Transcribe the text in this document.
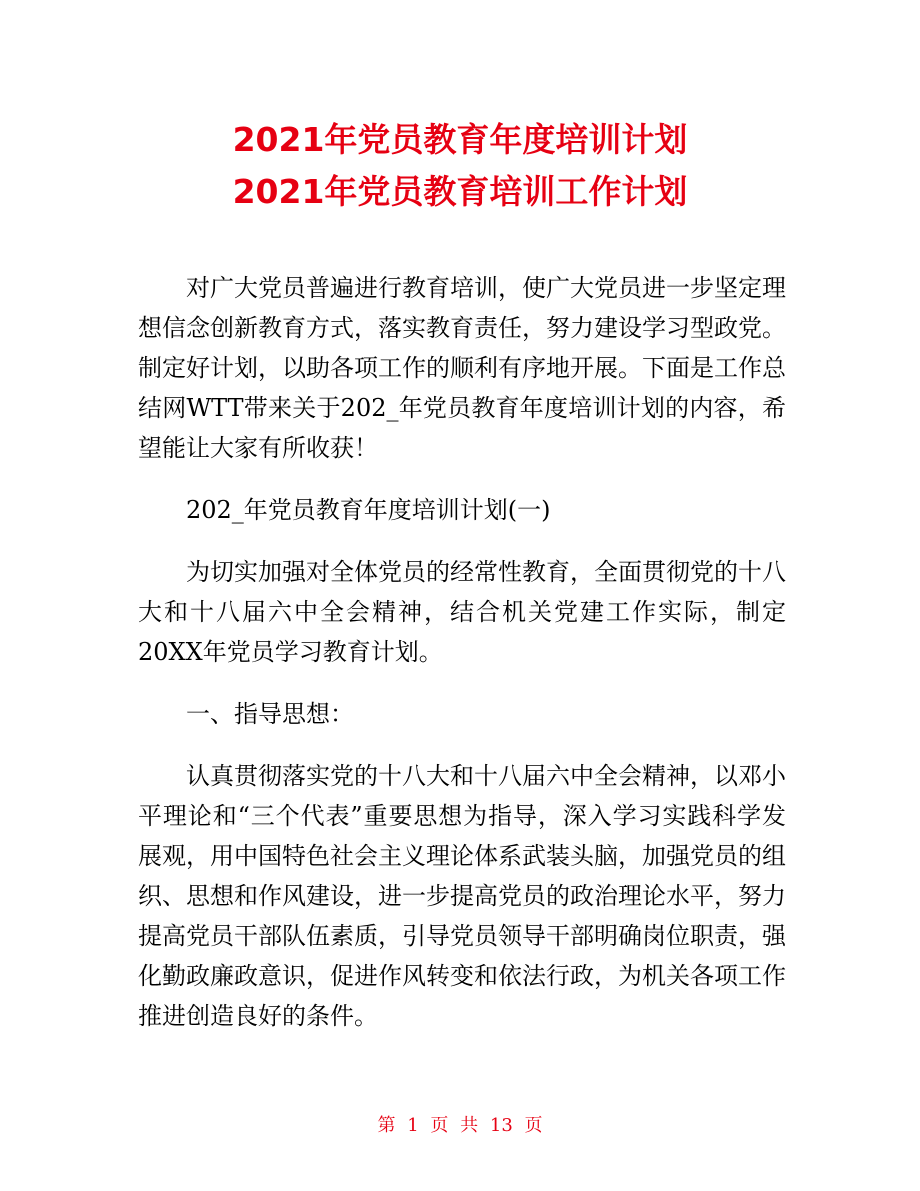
2021年党员教育年度培训计划
2021年党员教育培训工作计划

对广大党员普遍进行教育培训，使广大党员进一步坚定理想信念创新教育方式，落实教育责任，努力建设学习型政党。制定好计划，以助各项工作的顺利有序地开展。下面是工作总结网WTT带来关于202_年党员教育年度培训计划的内容，希望能让大家有所收获！

202_年党员教育年度培训计划(一)

为切实加强对全体党员的经常性教育，全面贯彻党的十八大和十八届六中全会精神，结合机关党建工作实际，制定20XX年党员学习教育计划。

一、指导思想：

认真贯彻落实党的十八大和十八届六中全会精神，以邓小平理论和“三个代表”重要思想为指导，深入学习实践科学发展观，用中国特色社会主义理论体系武装头脑，加强党员的组织、思想和作风建设，进一步提高党员的政治理论水平，努力提高党员干部队伍素质，引导党员领导干部明确岗位职责，强化勤政廉政意识，促进作风转变和依法行政，为机关各项工作推进创造良好的条件。

第 1 页 共 13 页
